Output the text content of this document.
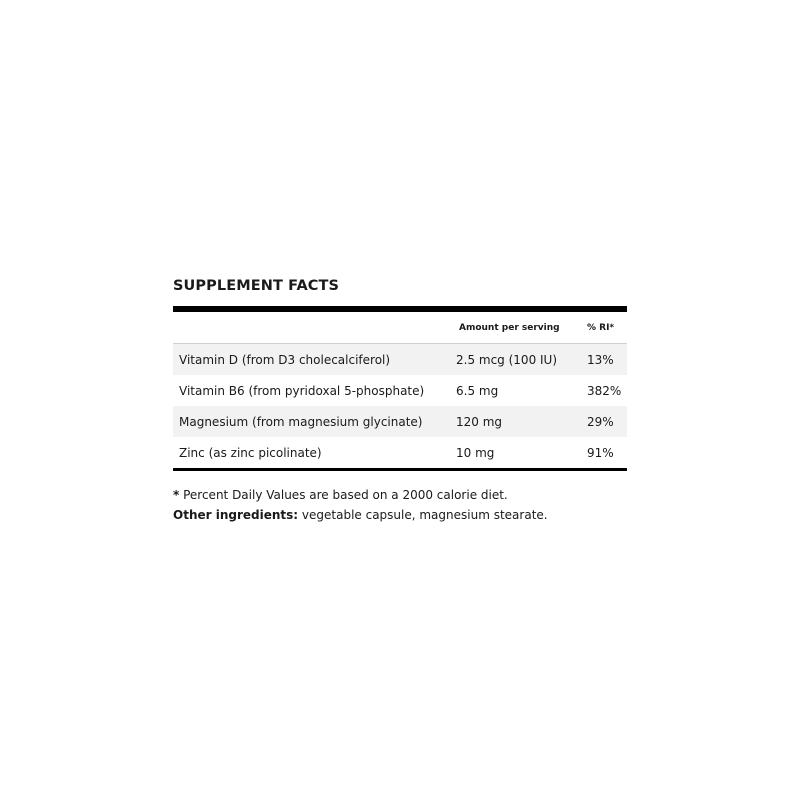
SUPPLEMENT FACTS
	Amount per serving	% RI*
Vitamin D (from D3 cholecalciferol)	2.5 mcg (100 IU)	13%
Vitamin B6 (from pyridoxal 5-phosphate)	6.5 mg	382%
Magnesium (from magnesium glycinate)	120 mg	29%
Zinc (as zinc picolinate)	10 mg	91%

* Percent Daily Values are based on a 2000 calorie diet.

Other ingredients: vegetable capsule, magnesium stearate.
